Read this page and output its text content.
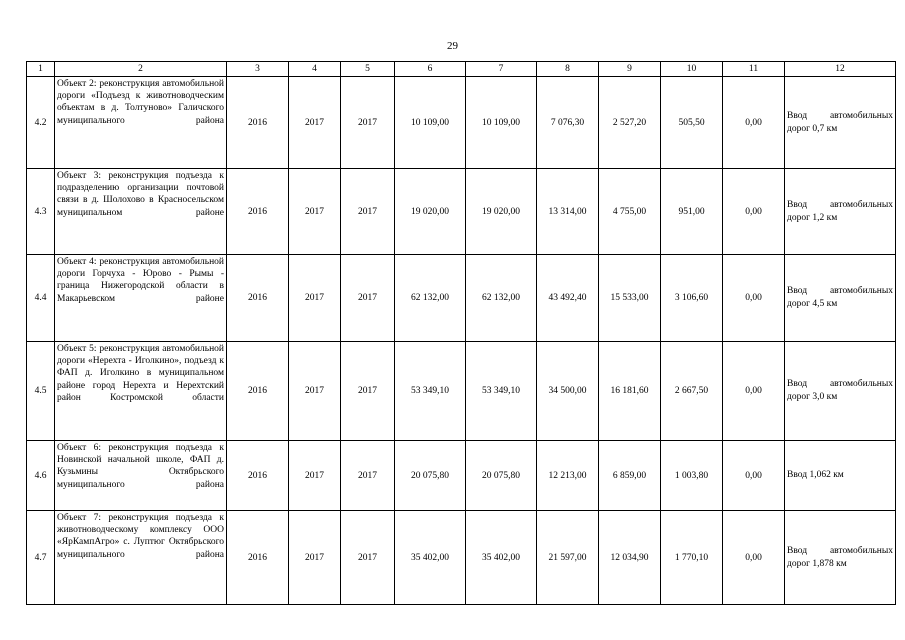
29
1	2	3	4	5	6	7	8	9	10	11	12
4.2	Объект 2: реконструкция автомобильной дороги «Подъезд к животноводческим объектам в д. Толтуново» Галичского муниципального района	2016	2017	2017	10 109,00	10 109,00	7 076,30	2 527,20	505,50	0,00	Ввод автомобильных дорог 0,7 км
4.3	Объект 3: реконструкция подъезда к подразделению организации почтовой связи в д. Шолохово в Красносельском муниципальном районе	2016	2017	2017	19 020,00	19 020,00	13 314,00	4 755,00	951,00	0,00	Ввод автомобильных дорог 1,2 км
4.4	Объект 4: реконструкция автомобильной дороги Горчуха - Юрово - Рымы - граница Нижегородской области в Макарьевском районе	2016	2017	2017	62 132,00	62 132,00	43 492,40	15 533,00	3 106,60	0,00	Ввод автомобильных дорог 4,5 км
4.5	Объект 5: реконструкция автомобильной дороги «Нерехта - Иголкино», подъезд к ФАП д. Иголкино в муниципальном районе город Нерехта и Нерехтский район Костромской области	2016	2017	2017	53 349,10	53 349,10	34 500,00	16 181,60	2 667,50	0,00	Ввод автомобильных дорог 3,0 км
4.6	Объект 6: реконструкция подъезда к Новинской начальной школе, ФАП д. Кузьмины Октябрьского муниципального района	2016	2017	2017	20 075,80	20 075,80	12 213,00	6 859,00	1 003,80	0,00	Ввод 1,062 км
4.7	Объект 7: реконструкция подъезда к животноводческому комплексу ООО «ЯрКампАгро» с. Луптюг Октябрьского муниципального района	2016	2017	2017	35 402,00	35 402,00	21 597,00	12 034,90	1 770,10	0,00	Ввод автомобильных дорог 1,878 км
